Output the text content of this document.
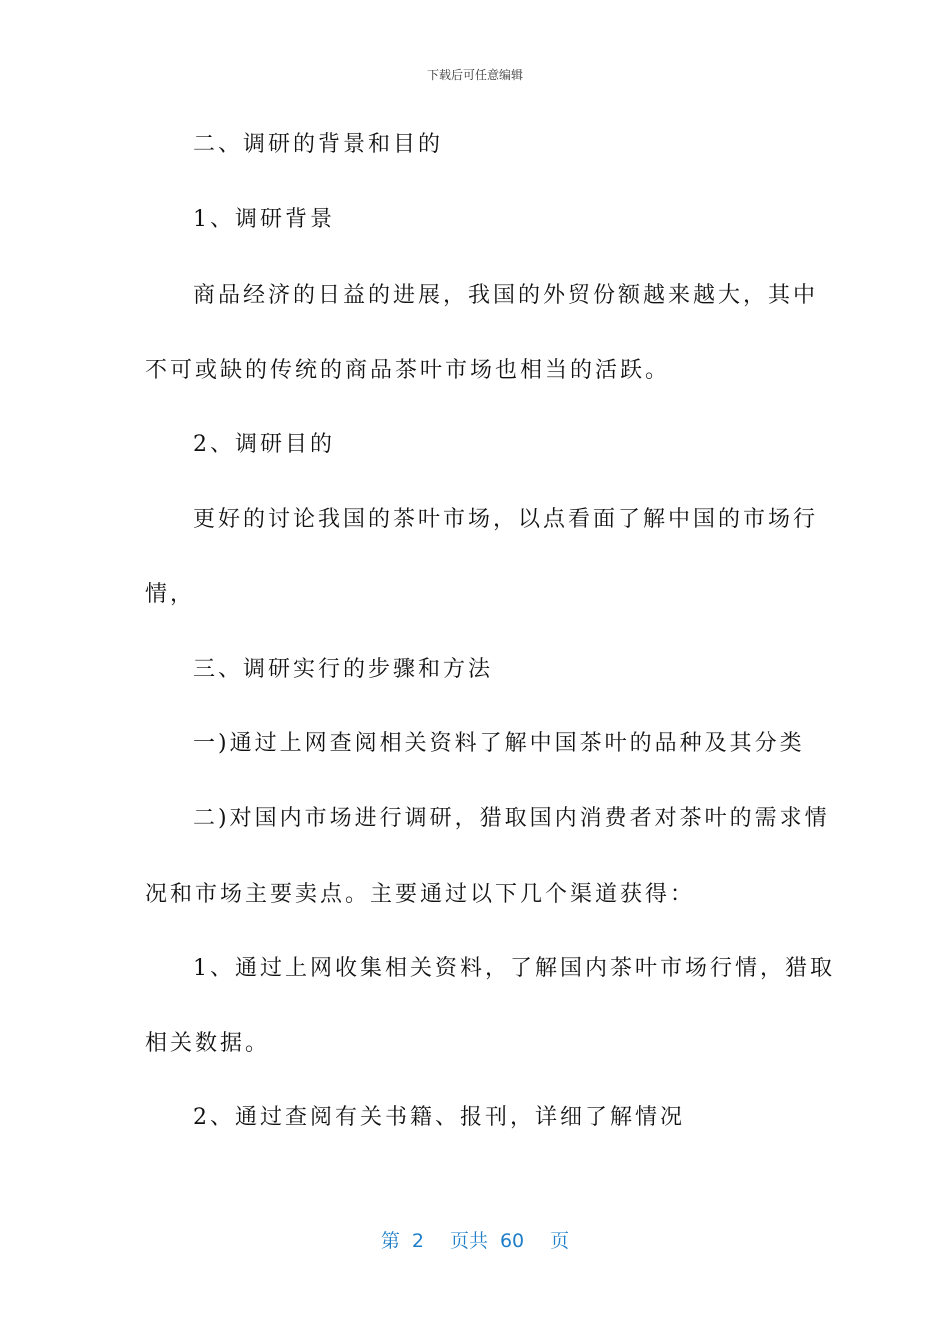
下载后可任意编辑
二、调研的背景和目的
1、调研背景
商品经济的日益的进展，我国的外贸份额越来越大，其中
不可或缺的传统的商品茶叶市场也相当的活跃。
2、调研目的
更好的讨论我国的茶叶市场，以点看面了解中国的市场行
情，
三、调研实行的步骤和方法
一)通过上网查阅相关资料了解中国茶叶的品种及其分类
二)对国内市场进行调研，猎取国内消费者对茶叶的需求情
况和市场主要卖点。主要通过以下几个渠道获得：
1、通过上网收集相关资料，了解国内茶叶市场行情，猎取
相关数据。
2、通过查阅有关书籍、报刊，详细了解情况
第 2 页共 60 页
